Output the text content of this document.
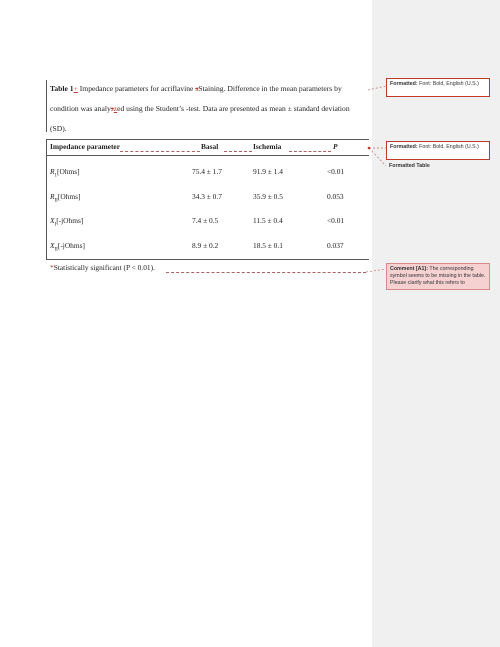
Table 1+ Impedance parameters for acriflavine sStaining. Difference in the mean parameters by condition was analyszed using the Student’s -test. Data are presented as mean ± standard deviation (SD).
Impedance parameter	Basal	Ischemia	P
$R_1[Ohms]$	75.4 ± 1.7	91.9 ± 1.4	<0.01
$R_{II}[Ohms]$	34.3 ± 0.7	35.9 ± 0.5	0.053
$X_I[-jOhms]$	7.4 ± 0.5	11.5 ± 0.4	<0.01
$X_{II}[-jOhms]$	8.9 ± 0.2	18.5 ± 0.1	0.037
*Statistically significant (P < 0.01).
Formatted: Font: Bold, English (U.S.)
Formatted: Font: Bold, English (U.S.)
Formatted Table
Comment [A1]: The corresponding symbol seems to be missing in the table. Please clarify what this refers to
